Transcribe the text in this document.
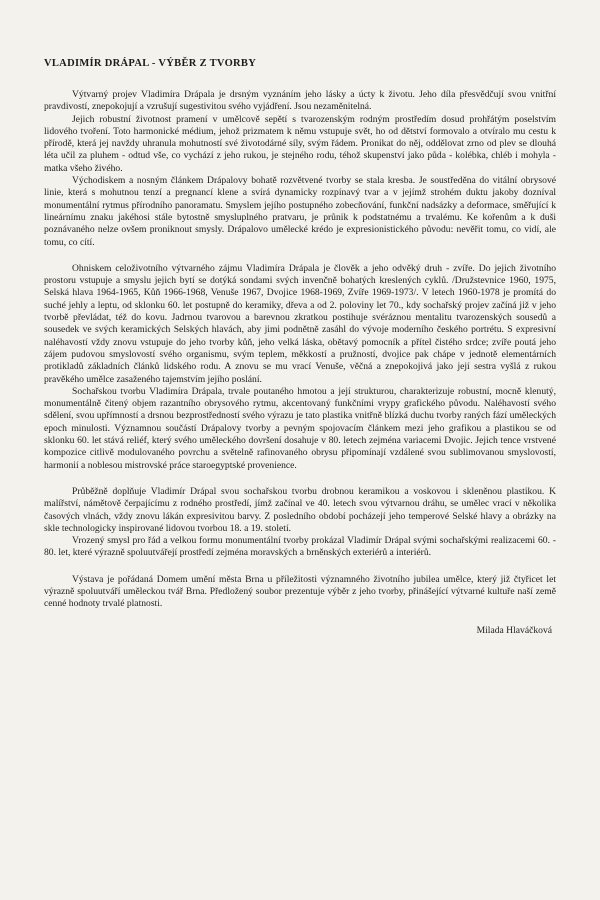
VLADIMÍR DRÁPAL - VÝBĚR Z TVORBY

Výtvarný projev Vladimíra Drápala je drsným vyznáním jeho lásky a úcty k životu. Jeho díla přesvědčují svou vnitřní pravdivostí, znepokojují a vzrušují sugestivitou svého vyjádření. Jsou nezaměnitelná.

Jejich robustní životnost pramení v umělcově sepětí s tvarozenským rodným prostředím dosud prohřátým poselstvím lidového tvoření. Toto harmonické médium, jehož prizmatem k němu vstupuje svět, ho od dětství formovalo a otvíralo mu cestu k přírodě, která jej navždy uhranula mohutností své životodárné síly, svým řádem. Pronikat do něj, oddělovat zrno od plev se dlouhá léta učil za pluhem - odtud vše, co vychází z jeho rukou, je stejného rodu, téhož skupenství jako půda - kolébka, chléb i mohyla - matka všeho živého.

Východiskem a nosným článkem Drápalovy bohatě rozvětvené tvorby se stala kresba. Je soustředěna do vitální obrysové linie, která s mohutnou tenzí a pregnancí klene a svírá dynamicky rozpínavý tvar a v jejímž strohém duktu jakoby dozníval monumentální rytmus přírodního panoramatu. Smyslem jejího postupného zobecňování, funkční nadsázky a deformace, směřující k lineárnímu znaku jakéhosi stále bytostně smysluplného pratvaru, je průnik k podstatnému a trvalému. Ke kořenům a k duši poznávaného nelze ovšem proniknout smysly. Drápalovo umělecké krédo je expresionistického původu: nevěřit tomu, co vidí, ale tomu, co cítí.

Ohniskem celoživotního výtvarného zájmu Vladimíra Drápala je člověk a jeho odvěký druh - zvíře. Do jejich životního prostoru vstupuje a smyslu jejich bytí se dotýká sondami svých invenčně bohatých kreslených cyklů. /Družstevnice 1960, 1975, Selská hlava 1964-1965, Kůň 1966-1968, Venuše 1967, Dvojice 1968-1969, Zvíře 1969-1973/. V letech 1960-1978 je promítá do suché jehly a leptu, od sklonku 60. let postupně do keramiky, dřeva a od 2. poloviny let 70., kdy sochařský projev začíná již v jeho tvorbě převládat, též do kovu. Jadrnou tvarovou a barevnou zkratkou postihuje svéráznou mentalitu tvarozenských sousedů a sousedek ve svých keramických Selských hlavách, aby jimi podnětně zasáhl do vývoje moderního českého portrétu. S expresivní naléhavostí vždy znovu vstupuje do jeho tvorby kůň, jeho velká láska, obětavý pomocník a přítel čistého srdce; zvíře poutá jeho zájem pudovou smyslovostí svého organismu, svým teplem, měkkostí a pružností, dvojice pak chápe v jednotě elementárních protikladů základních článků lidského rodu. A znovu se mu vrací Venuše, věčná a znepokojivá jako její sestra vyšlá z rukou pravěkého umělce zasaženého tajemstvím jejího poslání.

Sochařskou tvorbu Vladimíra Drápala, trvale poutaného hmotou a její strukturou, charakterizuje robustní, mocně klenutý, monumentálně čitený objem razantního obrysového rytmu, akcentovaný funkčními vrypy grafického původu. Naléhavostí svého sdělení, svou upřímností a drsnou bezprostředností svého výrazu je tato plastika vnitřně blízká duchu tvorby raných fází uměleckých epoch minulosti. Významnou součástí Drápalovy tvorby a pevným spojovacím článkem mezi jeho grafikou a plastikou se od sklonku 60. let stává reliéf, který svého uměleckého dovršení dosahuje v 80. letech zejména variacemi Dvojic. Jejich tence vrstvené kompozice citlivě modulovaného povrchu a světelně rafinovaného obrysu připomínají vzdálené svou sublimovanou smyslovostí, harmonií a noblesou mistrovské práce staroegyptské provenience.

Průběžně doplňuje Vladimír Drápal svou sochařskou tvorbu drobnou keramikou a voskovou i skleněnou plastikou. K malířství, námětově čerpajícímu z rodného prostředí, jímž začínal ve 40. letech svou výtvarnou dráhu, se umělec vrací v několika časových vlnách, vždy znovu lákán expresivitou barvy. Z posledního období pocházejí jeho temperové Selské hlavy a obrázky na skle technologicky inspirované lidovou tvorbou 18. a 19. století.

Vrozený smysl pro řád a velkou formu monumentální tvorby prokázal Vladimír Drápal svými sochařskými realizacemi 60. - 80. let, které výrazně spoluutvářejí prostředí zejména moravských a brněnských exteriérů a interiérů.

Výstava je pořádaná Domem umění města Brna u příležitosti významného životního jubilea umělce, který již čtyřicet let výrazně spoluutváří uměleckou tvář Brna. Předložený soubor prezentuje výběr z jeho tvorby, přinášející výtvarné kultuře naší země cenné hodnoty trvalé platnosti.

Milada Hlaváčková
